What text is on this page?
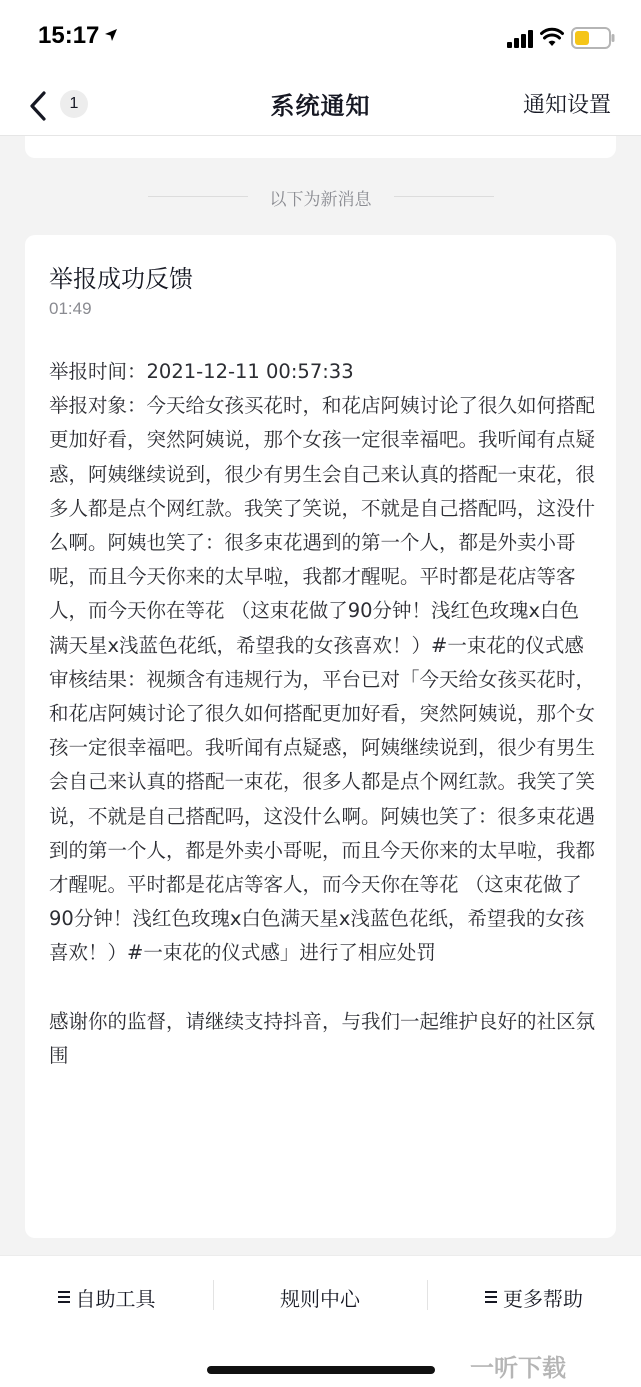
15:17
1	系统通知	通知设置
以下为新消息
举报成功反馈
01:49

举报时间：2021-12-11 00:57:33

举报对象：今天给女孩买花时，和花店阿姨讨论了很久如何搭配更加好看，突然阿姨说，那个女孩一定很幸福吧。我听闻有点疑惑，阿姨继续说到，很少有男生会自己来认真的搭配一束花，很多人都是点个网红款。我笑了笑说，不就是自己搭配吗，这没什么啊。阿姨也笑了：很多束花遇到的第一个人，都是外卖小哥呢，而且今天你来的太早啦，我都才醒呢。平时都是花店等客人，而今天你在等花 （这束花做了90分钟！浅红色玫瑰x白色满天星x浅蓝色花纸，希望我的女孩喜欢！）#一束花的仪式感

审核结果：视频含有违规行为，平台已对「今天给女孩买花时，和花店阿姨讨论了很久如何搭配更加好看，突然阿姨说，那个女孩一定很幸福吧。我听闻有点疑惑，阿姨继续说到，很少有男生会自己来认真的搭配一束花，很多人都是点个网红款。我笑了笑说，不就是自己搭配吗，这没什么啊。阿姨也笑了：很多束花遇到的第一个人，都是外卖小哥呢，而且今天你来的太早啦，我都才醒呢。平时都是花店等客人，而今天你在等花 （这束花做了90分钟！浅红色玫瑰x白色满天星x浅蓝色花纸，希望我的女孩喜欢！）#一束花的仪式感」进行了相应处罚

感谢你的监督，请继续支持抖音，与我们一起维护良好的社区氛围

自助工具	规则中心	更多帮助
一听下载
